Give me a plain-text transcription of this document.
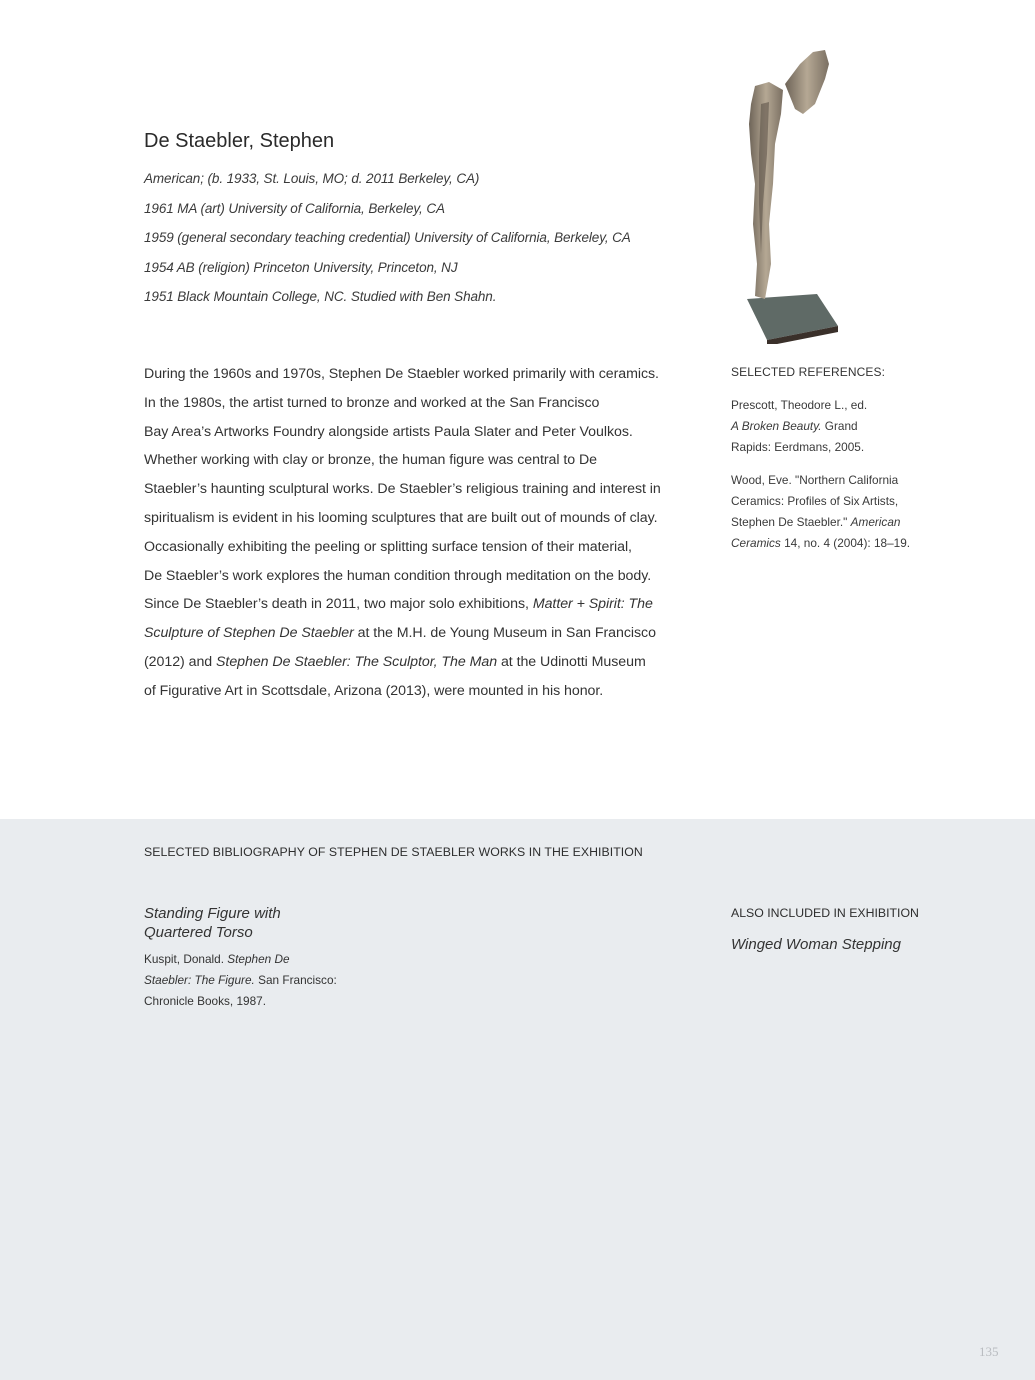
De Staebler, Stephen
American; (b. 1933, St. Louis, MO; d. 2011 Berkeley, CA)
1961 MA (art) University of California, Berkeley, CA
1959 (general secondary teaching credential) University of California, Berkeley, CA
1954 AB (religion) Princeton University, Princeton, NJ
1951 Black Mountain College, NC. Studied with Ben Shahn.
During the 1960s and 1970s, Stephen De Staebler worked primarily with ceramics.
In the 1980s, the artist turned to bronze and worked at the San Francisco
Bay Area’s Artworks Foundry alongside artists Paula Slater and Peter Voulkos.
Whether working with clay or bronze, the human figure was central to De
Staebler’s haunting sculptural works. De Staebler’s religious training and interest in
spiritualism is evident in his looming sculptures that are built out of mounds of clay.
Occasionally exhibiting the peeling or splitting surface tension of their material,
De Staebler’s work explores the human condition through meditation on the body.
Since De Staebler’s death in 2011, two major solo exhibitions, Matter + Spirit: The
Sculpture of Stephen De Staebler at the M.H. de Young Museum in San Francisco
(2012) and Stephen De Staebler: The Sculptor, The Man at the Udinotti Museum
of Figurative Art in Scottsdale, Arizona (2013), were mounted in his honor.
SELECTED REFERENCES:
Prescott, Theodore L., ed.
A Broken Beauty. Grand
Rapids: Eerdmans, 2005.
Wood, Eve. "Northern California
Ceramics: Profiles of Six Artists,
Stephen De Staebler." American
Ceramics 14, no. 4 (2004): 18–19.
SELECTED BIBLIOGRAPHY OF STEPHEN DE STAEBLER WORKS IN THE EXHIBITION
Standing Figure with
Quartered Torso
Kuspit, Donald. Stephen De
Staebler: The Figure. San Francisco:
Chronicle Books, 1987.
ALSO INCLUDED IN EXHIBITION
Winged Woman Stepping
135
